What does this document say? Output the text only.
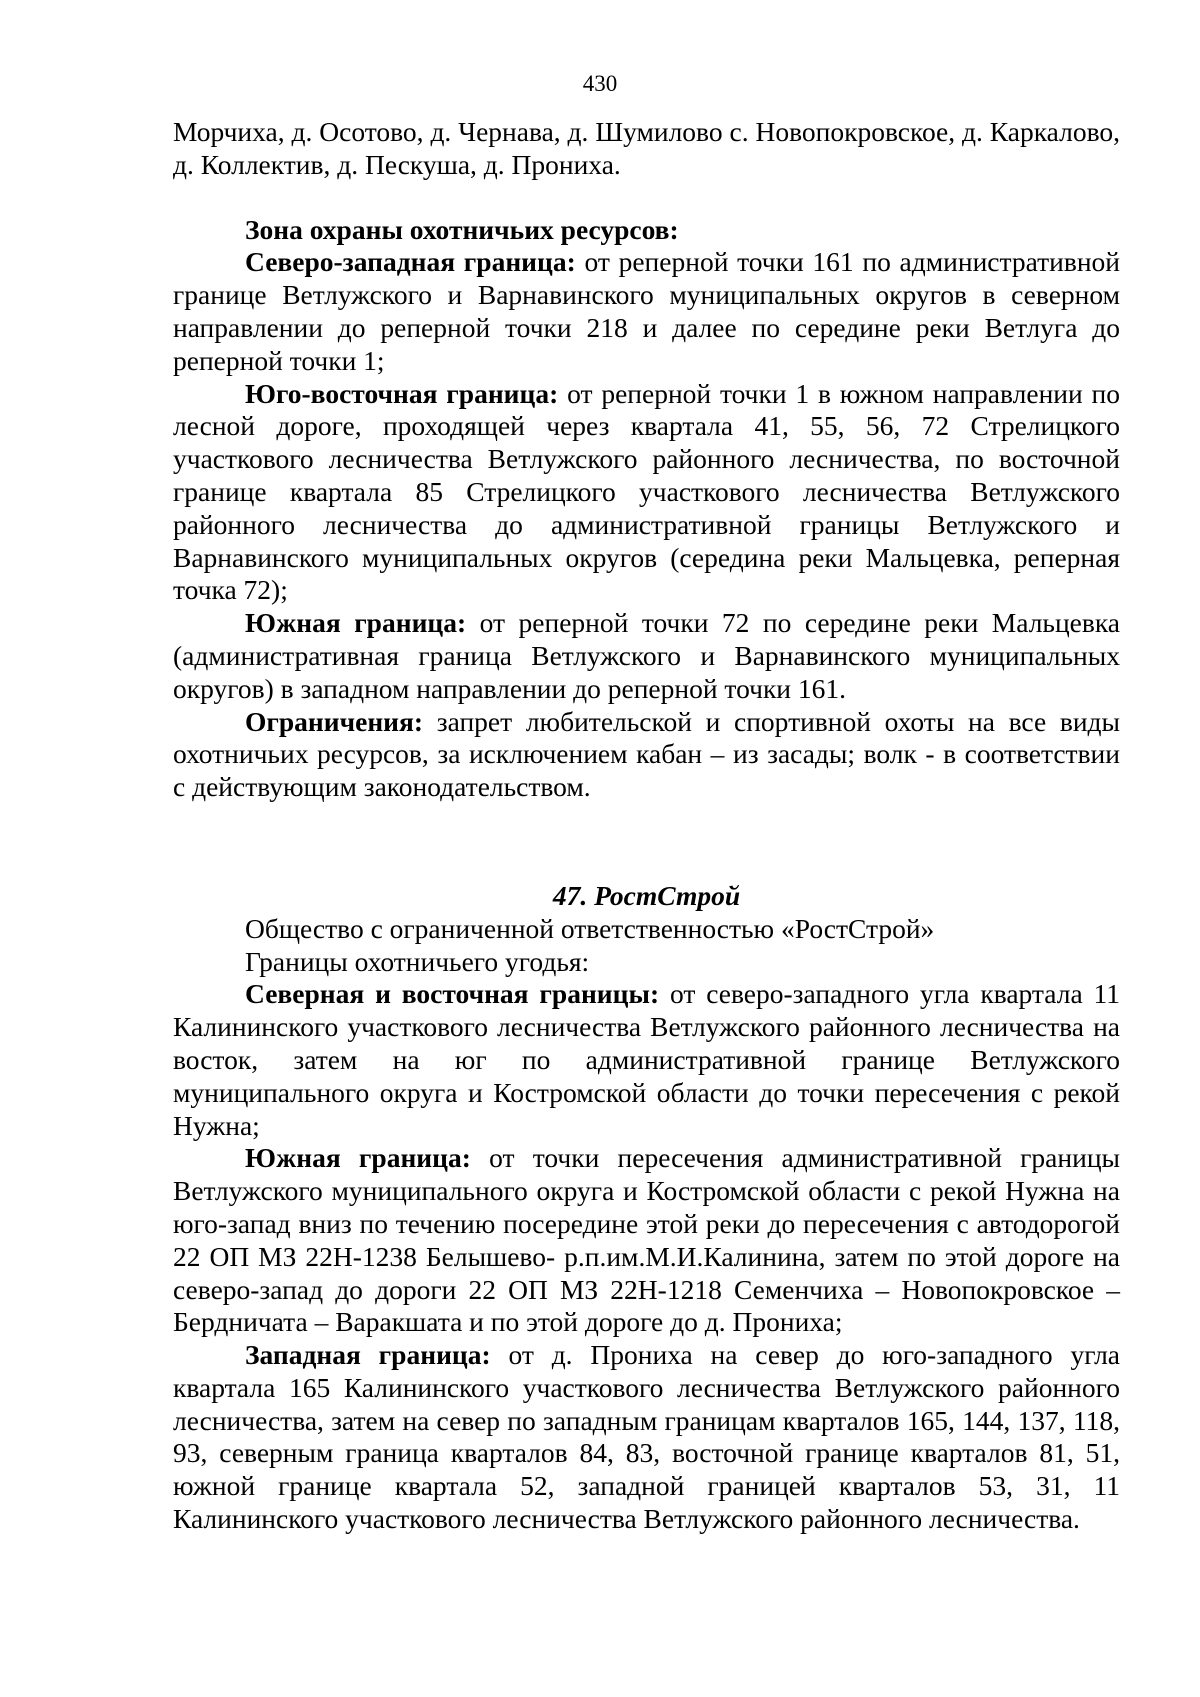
430

Морчиха, д. Осотово, д. Чернава, д. Шумилово с. Новопокровское, д. Каркалово, д. Коллектив, д. Пескуша, д. Прониха.

Зона охраны охотничьих ресурсов:

Северо-западная граница: от реперной точки 161 по административной границе Ветлужского и Варнавинского муниципальных округов в северном направлении до реперной точки 218 и далее по середине реки Ветлуга до реперной точки 1;

Юго-восточная граница: от реперной точки 1 в южном направлении по лесной дороге, проходящей через квартала 41, 55, 56, 72 Стрелицкого участкового лесничества Ветлужского районного лесничества, по восточной границе квартала 85 Стрелицкого участкового лесничества Ветлужского районного лесничества до административной границы Ветлужского и Варнавинского муниципальных округов (середина реки Мальцевка, реперная точка 72);

Южная граница: от реперной точки 72 по середине реки Мальцевка (административная граница Ветлужского и Варнавинского муниципальных округов) в западном направлении до реперной точки 161.

Ограничения: запрет любительской и спортивной охоты на все виды охотничьих ресурсов, за исключением кабан – из засады; волк - в соответствии с действующим законодательством.

47. РостСтрой

Общество с ограниченной ответственностью «РостСтрой»

Границы охотничьего угодья:

Северная и восточная границы: от северо-западного угла квартала 11 Калининского участкового лесничества Ветлужского районного лесничества на восток, затем на юг по административной границе Ветлужского муниципального округа и Костромской области до точки пересечения с рекой Нужна;

Южная граница: от точки пересечения административной границы Ветлужского муниципального округа и Костромской области с рекой Нужна на юго-запад вниз по течению посередине этой реки до пересечения с автодорогой 22 ОП МЗ 22Н-1238 Белышево- р.п.им.М.И.Калинина, затем по этой дороге на северо-запад до дороги 22 ОП МЗ 22Н-1218 Семенчиха – Новопокровское – Бердничата – Варакшата и по этой дороге до д. Прониха;

Западная граница: от д. Прониха на север до юго-западного угла квартала 165 Калининского участкового лесничества Ветлужского районного лесничества, затем на север по западным границам кварталов 165, 144, 137, 118, 93, северным граница кварталов 84, 83, восточной границе кварталов 81, 51, южной границе квартала 52, западной границей кварталов 53, 31, 11 Калининского участкового лесничества Ветлужского районного лесничества.
